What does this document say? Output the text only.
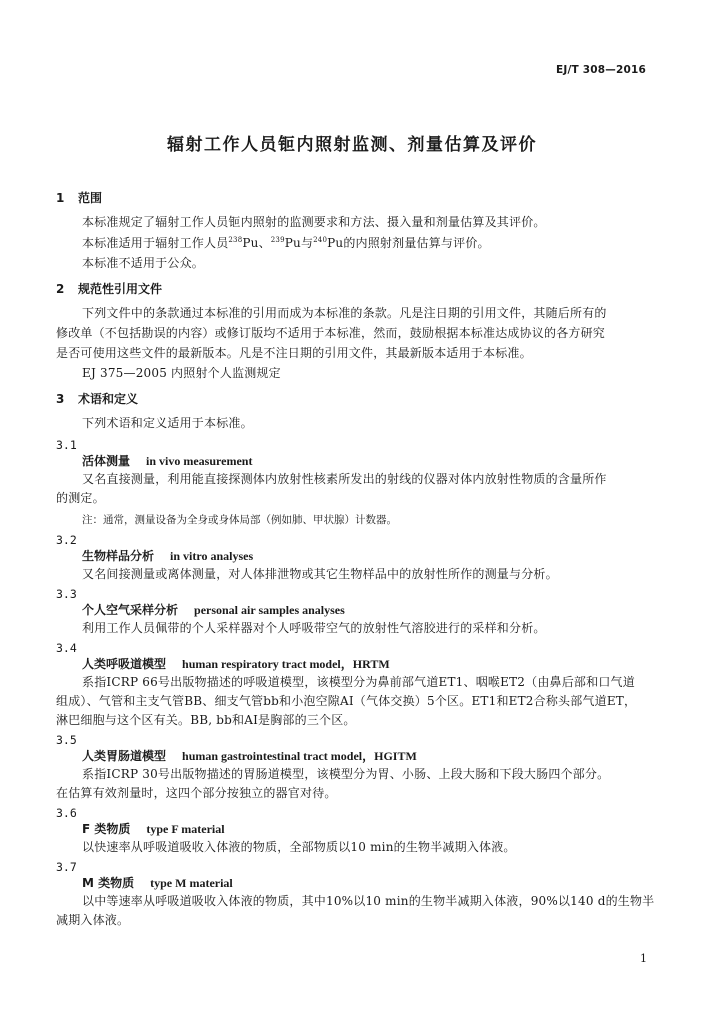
EJ/T 308—2016
辐射工作人员钷内照射监测、剂量估算及评价
1 范围
本标准规定了辐射工作人员钷内照射的监测要求和方法、摄入量和剂量估算及其评价。
本标准适用于辐射工作人员$^{238}$Pu、$^{239}$Pu与$^{240}$Pu的内照射剂量估算与评价。
本标准不适用于公众。
2 规范性引用文件
下列文件中的条款通过本标准的引用而成为本标准的条款。凡是注日期的引用文件，其随后所有的
修改单（不包括勘误的内容）或修订版均不适用于本标准，然而，鼓励根据本标准达成协议的各方研究
是否可使用这些文件的最新版本。凡是不注日期的引用文件，其最新版本适用于本标准。
EJ 375—2005 内照射个人监测规定
3 术语和定义
下列术语和定义适用于本标准。
3.1
活体测量 in vivo measurement
又名直接测量，利用能直接探测体内放射性核素所发出的射线的仪器对体内放射性物质的含量所作
的测定。
注：通常，测量设备为全身或身体局部（例如肺、甲状腺）计数器。
3.2
生物样品分析 in vitro analyses
又名间接测量或离体测量，对人体排泄物或其它生物样品中的放射性所作的测量与分析。
3.3
个人空气采样分析 personal air samples analyses
利用工作人员佩带的个人采样器对个人呼吸带空气的放射性气溶胶进行的采样和分析。
3.4
人类呼吸道模型 human respiratory tract model，HRTM
系指ICRP 66号出版物描述的呼吸道模型，该模型分为鼻前部气道ET1、咽喉ET2（由鼻后部和口气道
组成）、气管和主支气管BB、细支气管bb和小泡空隙AI（气体交换）5个区。ET1和ET2合称头部气道ET，
淋巴细胞与这个区有关。BB, bb和AI是胸部的三个区。
3.5
人类胃肠道模型 human gastrointestinal tract model，HGITM
系指ICRP 30号出版物描述的胃肠道模型，该模型分为胃、小肠、上段大肠和下段大肠四个部分。
在估算有效剂量时，这四个部分按独立的器官对待。
3.6
F 类物质 type F material
以快速率从呼吸道吸收入体液的物质，全部物质以10 min的生物半减期入体液。
3.7
M 类物质 type M material
以中等速率从呼吸道吸收入体液的物质，其中10%以10 min的生物半减期入体液，90%以140 d的生物半
减期入体液。
1
